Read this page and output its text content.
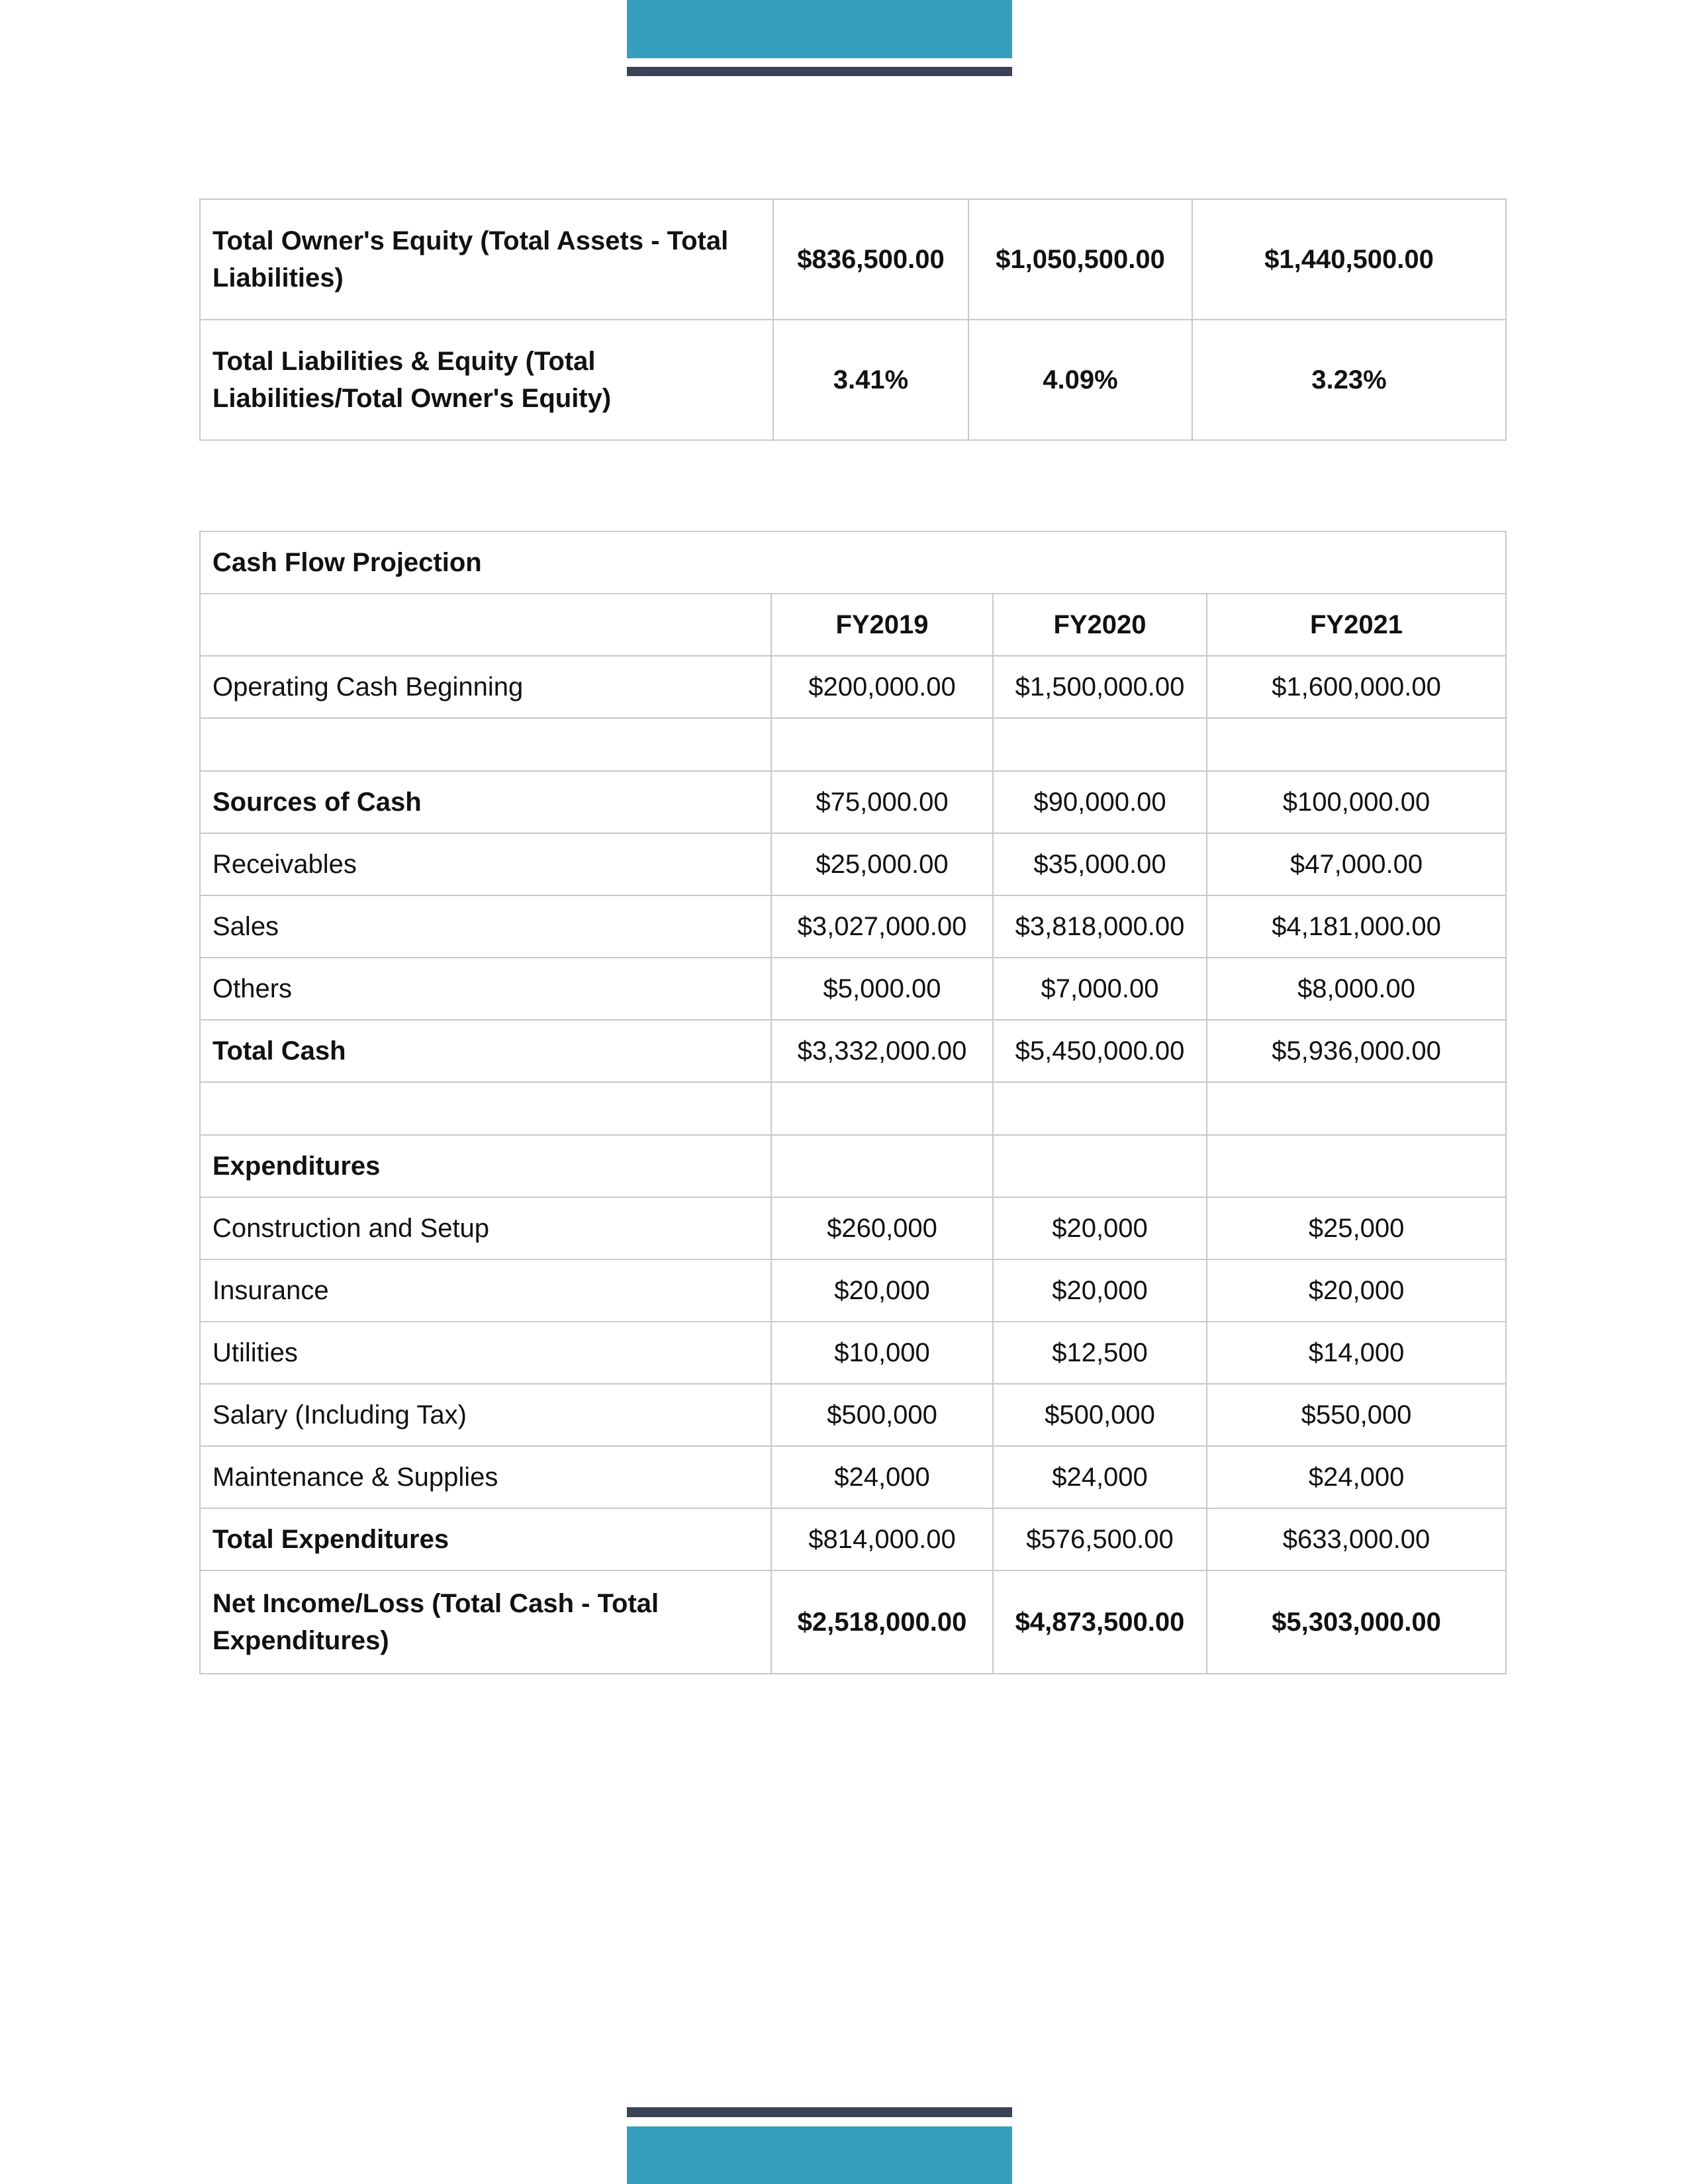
Total Owner's Equity (Total Assets - Total Liabilities)	$836,500.00	$1,050,500.00	$1,440,500.00
Total Liabilities & Equity (Total Liabilities/Total Owner's Equity)	3.41%	4.09%	3.23%
Cash Flow Projection			
	FY2019	FY2020	FY2021
Operating Cash Beginning	$200,000.00	$1,500,000.00	$1,600,000.00

Sources of Cash	$75,000.00	$90,000.00	$100,000.00
Receivables	$25,000.00	$35,000.00	$47,000.00
Sales	$3,027,000.00	$3,818,000.00	$4,181,000.00
Others	$5,000.00	$7,000.00	$8,000.00
Total Cash	$3,332,000.00	$5,450,000.00	$5,936,000.00

Expenditures			
Construction and Setup	$260,000	$20,000	$25,000
Insurance	$20,000	$20,000	$20,000
Utilities	$10,000	$12,500	$14,000
Salary (Including Tax)	$500,000	$500,000	$550,000
Maintenance & Supplies	$24,000	$24,000	$24,000
Total Expenditures	$814,000.00	$576,500.00	$633,000.00
Net Income/Loss (Total Cash - Total Expenditures)	$2,518,000.00	$4,873,500.00	$5,303,000.00
